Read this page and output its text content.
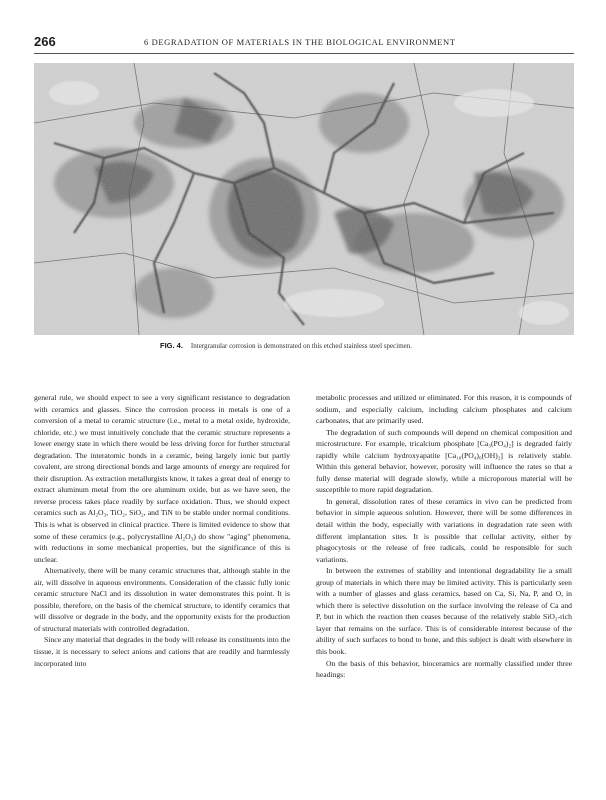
266	6 DEGRADATION OF MATERIALS IN THE BIOLOGICAL ENVIRONMENT
FIG. 4. Intergranular corrosion is demonstrated on this etched stainless steel specimen.

general rule, we should expect to see a very significant resistance to degradation with ceramics and glasses. Since the corrosion process in metals is one of a conversion of a metal to ceramic structure (i.e., metal to a metal oxide, hydroxide, chloride, etc.) we must intuitively conclude that the ceramic structure represents a lower energy state in which there would be less driving force for further structural degradation. The interatomic bonds in a ceramic, being largely ionic but partly covalent, are strong directional bonds and large amounts of energy are required for their disruption. As extraction metallurgists know, it takes a great deal of energy to extract aluminum metal from the ore aluminum oxide, but as we have seen, the reverse process takes place readily by surface oxidation. Thus, we should expect ceramics such as Al₂O₃, TiO₂, SiO₂, and TiN to be stable under normal conditions. This is what is observed in clinical practice. There is limited evidence to show that some of these ceramics (e.g., polycrystalline Al₂O₃) do show "aging" phenomena, with reductions in some mechanical properties, but the significance of this is unclear.

Alternatively, there will be many ceramic structures that, although stable in the air, will dissolve in aqueous environments. Consideration of the classic fully ionic ceramic structure NaCl and its dissolution in water demonstrates this point. It is possible, therefore, on the basis of the chemical structure, to identify ceramics that will dissolve or degrade in the body, and the opportunity exists for the production of structural materials with controlled degradation.

Since any material that degrades in the body will release its constituents into the tissue, it is necessary to select anions and cations that are readily and harmlessly incorporated into

metabolic processes and utilized or eliminated. For this reason, it is compounds of sodium, and especially calcium, including calcium phosphates and calcium carbonates, that are primarily used.

The degradation of such compounds will depend on chemical composition and microstructure. For example, tricalcium phosphate [Ca₃(PO₄)₂] is degraded fairly rapidly while calcium hydroxyapatite [Ca₁₀(PO₄)₆(OH)₂] is relatively stable. Within this general behavior, however, porosity will influence the rates so that a fully dense material will degrade slowly, while a microporous material will be susceptible to more rapid degradation.

In general, dissolution rates of these ceramics in vivo can be predicted from behavior in simple aqueous solution. However, there will be some differences in detail within the body, especially with variations in degradation rate seen with different implantation sites. It is possible that cellular activity, either by phagocytosis or the release of free radicals, could be responsible for such variations.

In between the extremes of stability and intentional degradability lie a small group of materials in which there may be limited activity. This is particularly seen with a number of glasses and glass ceramics, based on Ca, Si, Na, P, and O, in which there is selective dissolution on the surface involving the release of Ca and P, but in which the reaction then ceases because of the relatively stable SiO₂-rich layer that remains on the surface. This is of considerable interest because of the ability of such surfaces to bond to bone, and this subject is dealt with elsewhere in this book.

On the basis of this behavior, bioceramics are normally classified under three headings:
